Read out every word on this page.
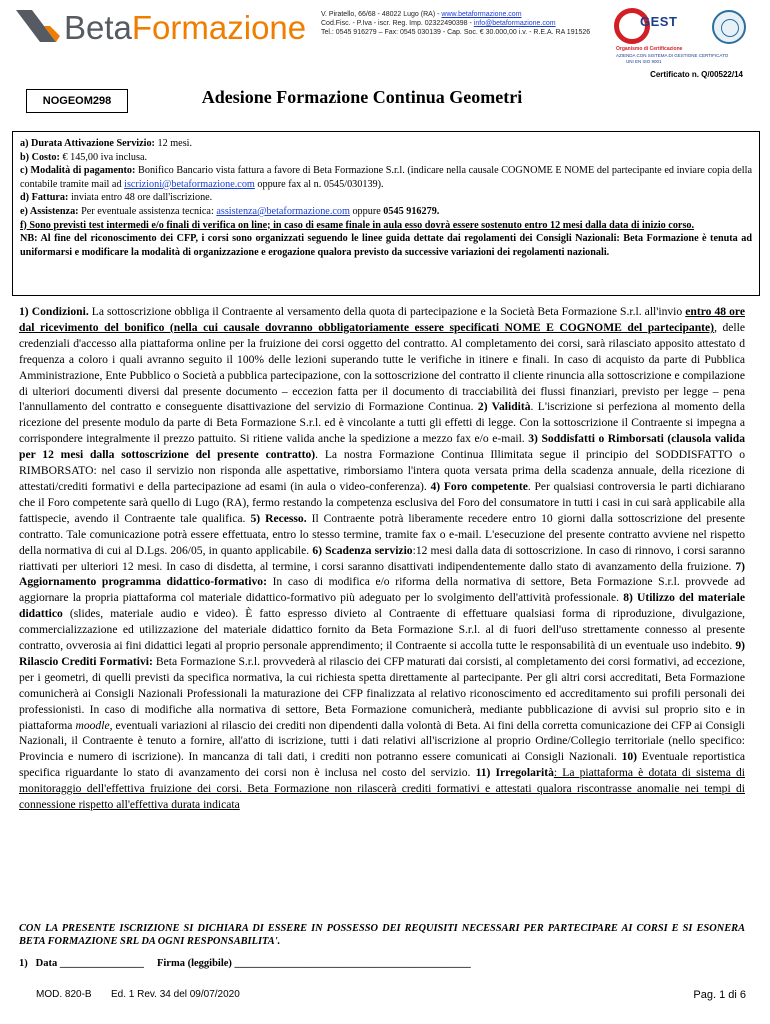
BetaFormazione V. Piratello, 66/68 - 48022 Lugo (RA) - www.betaformazione.com
Cod.Fisc. - P.Iva - iscr. Reg. Imp. 02322490398 - info@betaformazione.com
Tel.: 0545 916279 – Fax: 0545 030139 - Cap. Soc. € 30.000,00 i.v. - R.E.A. RA 191526
GEST
Organismo di Certificazione
AZIENDA CON SISTEMA DI GESTIONE CERTIFICATO
UNI EN ISO 9001
Certificato n. Q/00522/14
NOGEOM298	Adesione Formazione Continua Geometri

a) Durata Attivazione Servizio: 12 mesi.

b) Costo: € 145,00 iva inclusa.

c) Modalità di pagamento: Bonifico Bancario vista fattura a favore di Beta Formazione S.r.l. (indicare nella causale COGNOME E NOME del partecipante ed inviare copia della contabile tramite mail ad iscrizioni@betaformazione.com oppure fax al n. 0545/030139).

d) Fattura: inviata entro 48 ore dall'iscrizione.

e) Assistenza: Per eventuale assistenza tecnica: assistenza@betaformazione.com oppure 0545 916279.

f) Sono previsti test intermedi e/o finali di verifica on line; in caso di esame finale in aula esso dovrà essere sostenuto entro 12 mesi dalla data di inizio corso.

NB: Al fine del riconoscimento dei CFP, i corsi sono organizzati seguendo le linee guida dettate dai regolamenti dei Consigli Nazionali: Beta Formazione è tenuta ad uniformarsi e modificare la modalità di organizzazione e erogazione qualora previsto da successive variazioni dei regolamenti nazionali.

1) Condizioni. La sottoscrizione obbliga il Contraente al versamento della quota di partecipazione e la Società Beta Formazione S.r.l. all'invio entro 48 ore dal ricevimento del bonifico (nella cui causale dovranno obbligatoriamente essere specificati NOME E COGNOME del partecipante), delle credenziali d'accesso alla piattaforma online per la fruizione dei corsi oggetto del contratto. Al completamento dei corsi, sarà rilasciato apposito attestato d frequenza a coloro i quali avranno seguito il 100% delle lezioni superando tutte le verifiche in itinere e finali. In caso di acquisto da parte di Pubblica Amministrazione, Ente Pubblico o Società a pubblica partecipazione, con la sottoscrizione del contratto il cliente rinuncia alla sottoscrizione e compilazione di ulteriori documenti diversi dal presente documento – eccezion fatta per il documento di tracciabilità dei flussi finanziari, previsto per legge – pena l'annullamento del contratto e conseguente disattivazione del servizio di Formazione Continua. 2) Validità. L'iscrizione si perfeziona al momento della ricezione del presente modulo da parte di Beta Formazione S.r.l. ed è vincolante a tutti gli effetti di legge. Con la sottoscrizione il Contraente si impegna a corrispondere integralmente il prezzo pattuito. Si ritiene valida anche la spedizione a mezzo fax e/o e-mail. 3) Soddisfatti o Rimborsati (clausola valida per 12 mesi dalla sottoscrizione del presente contratto). La nostra Formazione Continua Illimitata segue il principio del SODDISFATTO o RIMBORSATO: nel caso il servizio non risponda alle aspettative, rimborsiamo l'intera quota versata prima della scadenza annuale, della ricezione di attestati/crediti formativi e della partecipazione ad esami (in aula o video-conferenza). 4) Foro competente. Per qualsiasi controversia le parti dichiarano che il Foro competente sarà quello di Lugo (RA), fermo restando la competenza esclusiva del Foro del consumatore in tutti i casi in cui sarà applicabile alla fattispecie, avendo il Contraente tale qualifica. 5) Recesso. Il Contraente potrà liberamente recedere entro 10 giorni dalla sottoscrizione del presente contratto. Tale comunicazione potrà essere effettuata, entro lo stesso termine, tramite fax o e-mail. L'esecuzione del presente contratto avviene nel rispetto della normativa di cui al D.Lgs. 206/05, in quanto applicabile. 6) Scadenza servizio:12 mesi dalla data di sottoscrizione. In caso di rinnovo, i corsi saranno riattivati per ulteriori 12 mesi. In caso di disdetta, al termine, i corsi saranno disattivati indipendentemente dallo stato di avanzamento della fruizione. 7) Aggiornamento programma didattico-formativo: In caso di modifica e/o riforma della normativa di settore, Beta Formazione S.r.l. provvede ad aggiornare la propria piattaforma col materiale didattico-formativo più adeguato per lo svolgimento dell'attività professionale. 8) Utilizzo del materiale didattico (slides, materiale audio e video). È fatto espresso divieto al Contraente di effettuare qualsiasi forma di riproduzione, divulgazione, commercializzazione ed utilizzazione del materiale didattico fornito da Beta Formazione S.r.l. al di fuori dell'uso strettamente connesso al presente contratto, ovverosia ai fini didattici legati al proprio personale apprendimento; il Contraente si accolla tutte le responsabilità di un eventuale uso indebito. 9) Rilascio Crediti Formativi: Beta Formazione S.r.l. provvederà al rilascio dei CFP maturati dai corsisti, al completamento dei corsi formativi, ad eccezione, per i geometri, di quelli previsti da specifica normativa, la cui richiesta spetta direttamente al partecipante. Per gli altri corsi accreditati, Beta Formazione comunicherà ai Consigli Nazionali Professionali la maturazione dei CFP finalizzata al relativo riconoscimento ed accreditamento sui profili personali dei professionisti. In caso di modifiche alla normativa di settore, Beta Formazione comunicherà, mediante pubblicazione di avvisi sul proprio sito e in piattaforma moodle, eventuali variazioni al rilascio dei crediti non dipendenti dalla volontà di Beta. Ai fini della corretta comunicazione dei CFP ai Consigli Nazionali, il Contraente è tenuto a fornire, all'atto di iscrizione, tutti i dati relativi all'iscrizione al proprio Ordine/Collegio territoriale (nello specifico: Provincia e numero di iscrizione). In mancanza di tali dati, i crediti non potranno essere comunicati ai Consigli Nazionali. 10) Eventuale reportistica specifica riguardante lo stato di avanzamento dei corsi non è inclusa nel costo del servizio. 11) Irregolarità: La piattaforma è dotata di sistema di monitoraggio dell'effettiva fruizione dei corsi. Beta Formazione non rilascerà crediti formativi e attestati qualora riscontrasse anomalie nei tempi di connessione rispetto all'effettiva durata indicata

CON LA PRESENTE ISCRIZIONE SI DICHIARA DI ESSERE IN POSSESSO DEI REQUISITI NECESSARI PER PARTECIPARE AI CORSI E SI ESONERA BETA FORMAZIONE SRL DA OGNI RESPONSABILITA'.
1) Data ________________ Firma (leggibile) _____________________________________________
MOD. 820-B Ed. 1 Rev. 34 del 09/07/2020	Pag. 1 di 6
